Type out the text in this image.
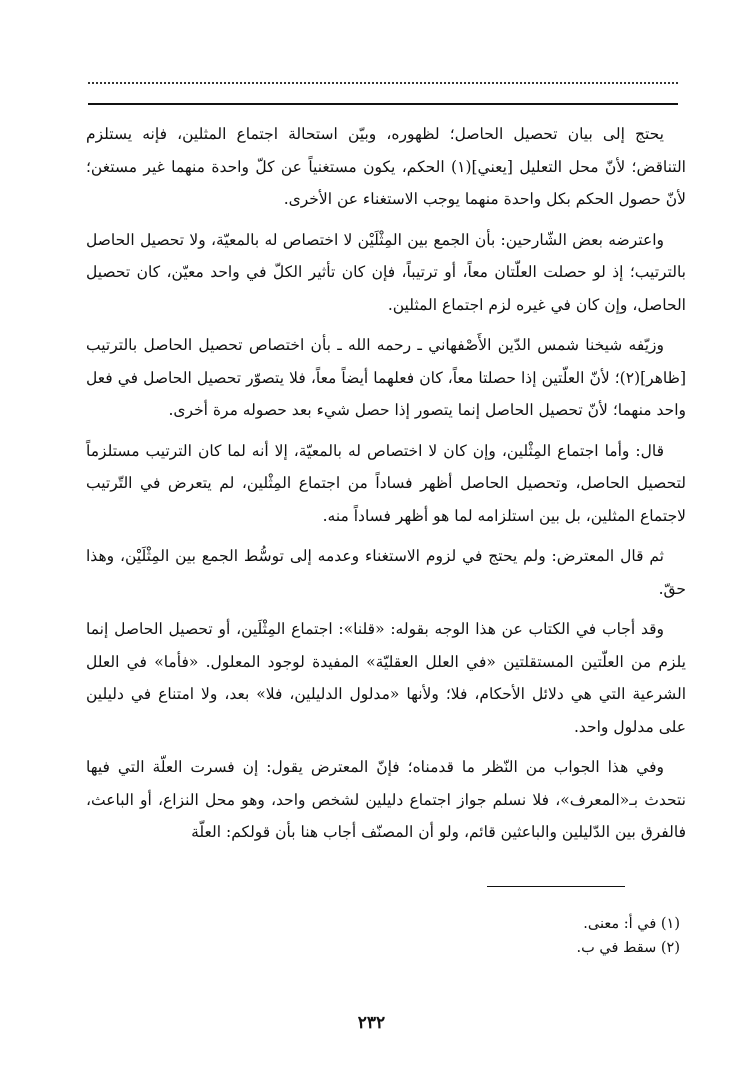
يحتج إلى بيان تحصيل الحاصل؛ لظهوره، وبيّن استحالة اجتماع المثلين، فإنه يستلزم التناقض؛ لأنّ محل التعليل [يعني](١) الحكم، يكون مستغنياً عن كلّ واحدة منهما غير مستغن؛ لأنّ حصول الحكم بكل واحدة منهما يوجب الاستغناء عن الأخرى.

واعترضه بعض الشّارحين: بأن الجمع بين المِثْلَيْن لا اختصاص له بالمعيّة، ولا تحصيل الحاصل بالترتيب؛ إذ لو حصلت العلّتان معاً، أو ترتيباً، فإن كان تأثير الكلّ في واحد معيّن، كان تحصيل الحاصل، وإن كان في غيره لزم اجتماع المثلين.

وزيّفه شيخنا شمس الدّين الأَصْفهاني ـ رحمه الله ـ بأن اختصاص تحصيل الحاصل بالترتيب [ظاهر](٢)؛ لأنّ العلّتين إذا حصلتا معاً، كان فعلهما أيضاً معاً، فلا يتصوّر تحصيل الحاصل في فعل واحد منهما؛ لأنّ تحصيل الحاصل إنما يتصور إذا حصل شيء بعد حصوله مرة أخرى.

قال: وأما اجتماع المِثْلين، وإن كان لا اختصاص له بالمعيّة، إلا أنه لما كان الترتيب مستلزماً لتحصيل الحاصل، وتحصيل الحاصل أظهر فساداً من اجتماع المِثْلين، لم يتعرض في التّرتيب لاجتماع المثلين، بل بين استلزامه لما هو أظهر فساداً منه.

ثم قال المعترض: ولم يحتج في لزوم الاستغناء وعدمه إلى توسُّط الجمع بين المِثْلَيْن، وهذا حقّ.

وقد أجاب في الكتاب عن هذا الوجه بقوله: «قلنا»: اجتماع المِثْلَين، أو تحصيل الحاصل إنما يلزم من العلّتين المستقلتين «في العلل العقليّة» المفيدة لوجود المعلول. «فأما» في العلل الشرعية التي هي دلائل الأحكام، فلا؛ ولأنها «مدلول الدليلين، فلا» بعد، ولا امتناع في دليلين على مدلول واحد.

وفي هذا الجواب من النّظر ما قدمناه؛ فإنّ المعترض يقول: إن فسرت العلّة التي فيها نتحدث بـ«المعرف»، فلا نسلم جواز اجتماع دليلين لشخص واحد، وهو محل النزاع، أو الباعث، فالفرق بين الدّليلين والباعثين قائم، ولو أن المصنّف أجاب هنا بأن قولكم: العلّة

(١) في أ: معنى.
(٢) سقط في ب.
٢٣٢
